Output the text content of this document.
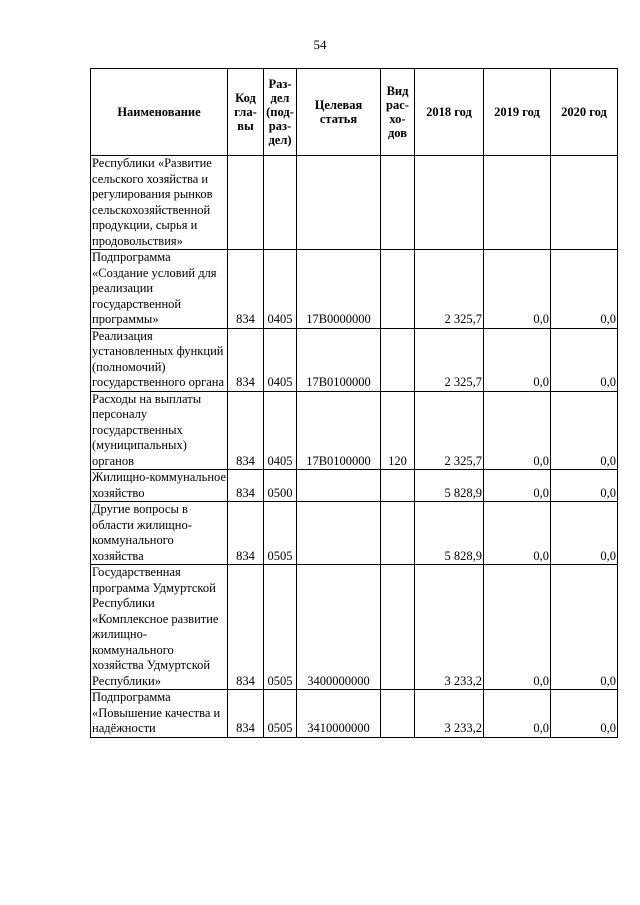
54
Наименование	Код
гла-
вы	Раз-
дел
(под-
раз-
дел)	Целевая
статья	Вид
рас-
хо-
дов	2018 год	2019 год	2020 год
Республики «Развитие сельского хозяйства и регулирования рынков сельскохозяйственной продукции, сырья и продовольствия»							
Подпрограмма «Создание условий для реализации государственной программы»	834	0405	17В0000000		2 325,7	0,0	0,0
Реализация установленных функций (полномочий) государственного органа	834	0405	17В0100000		2 325,7	0,0	0,0
Расходы на выплаты персоналу государственных (муниципальных) органов	834	0405	17В0100000	120	2 325,7	0,0	0,0
Жилищно-коммунальное хозяйство	834	0500			5 828,9	0,0	0,0
Другие вопросы в области жилищно-коммунального хозяйства	834	0505			5 828,9	0,0	0,0
Государственная программа Удмуртской Республики «Комплексное развитие жилищно-коммунального хозяйства Удмуртской Республики»	834	0505	3400000000		3 233,2	0,0	0,0
Подпрограмма «Повышение качества и надёжности	834	0505	3410000000		3 233,2	0,0	0,0
